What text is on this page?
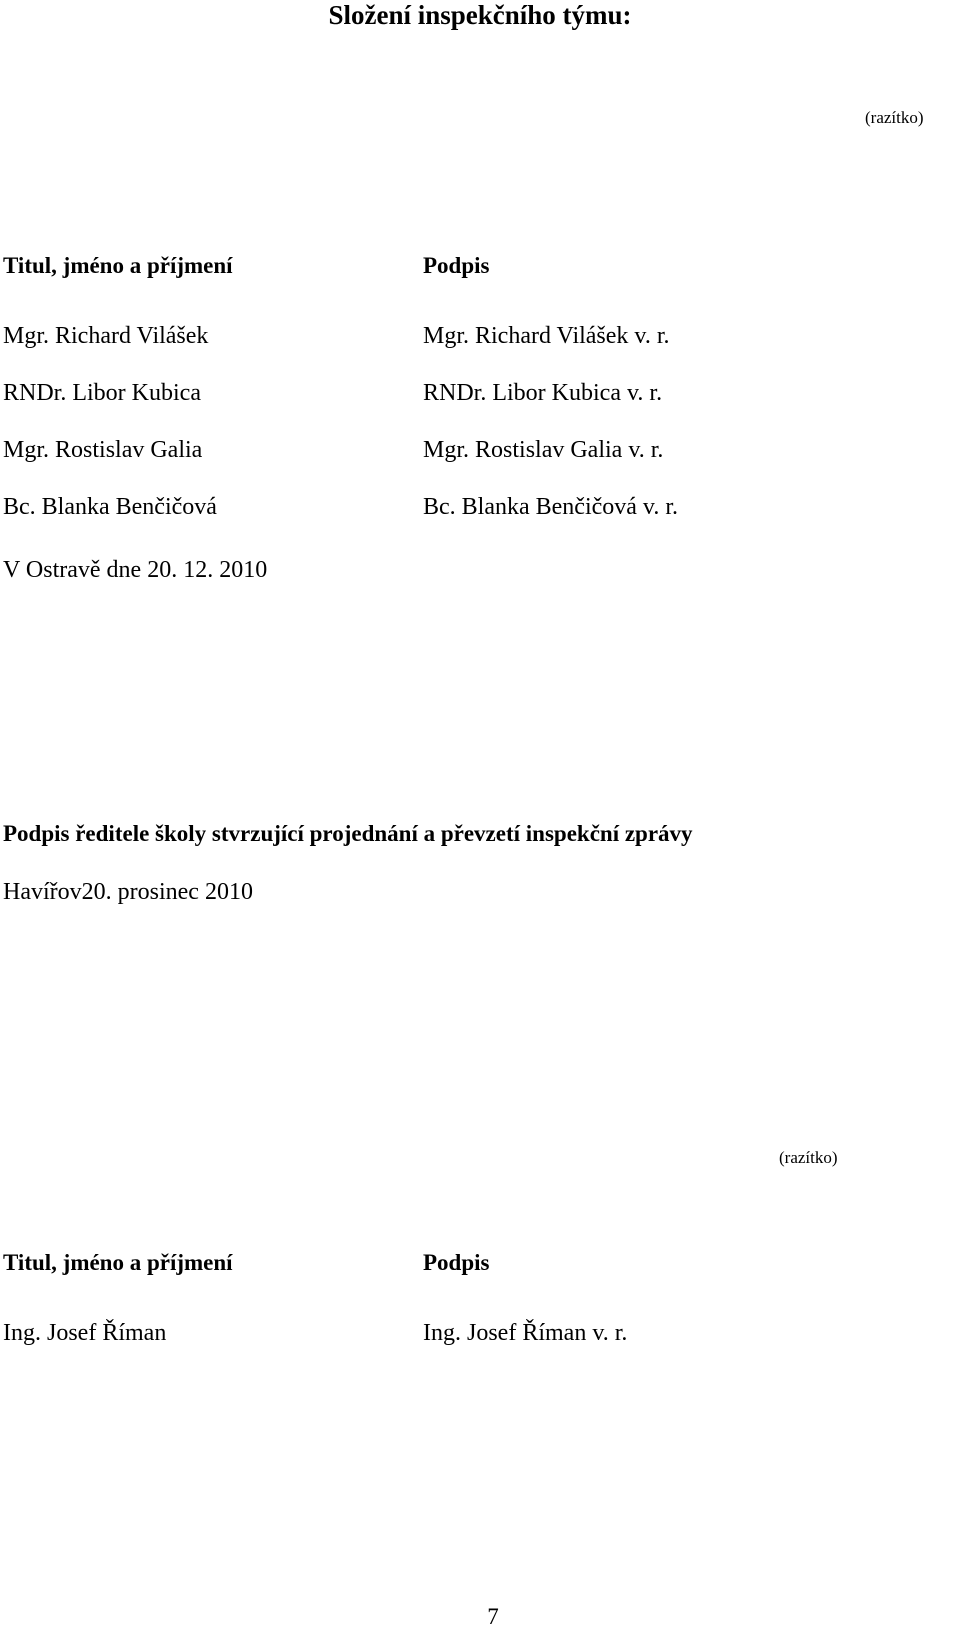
Složení inspekčního týmu:
(razítko)
Titul, jméno a příjmení	Podpis
Mgr. Richard Vilášek	Mgr. Richard Vilášek v. r.
RNDr. Libor Kubica	RNDr. Libor Kubica v. r.
Mgr. Rostislav Galia	Mgr. Rostislav Galia v. r.
Bc. Blanka Benčičová	Bc. Blanka Benčičová v. r.
V Ostravě dne 20. 12. 2010
Podpis ředitele školy stvrzující projednání a převzetí inspekční zprávy
Havířov20. prosinec 2010
(razítko)
Titul, jméno a příjmení	Podpis
Ing. Josef Říman	Ing. Josef Říman v. r.
7
